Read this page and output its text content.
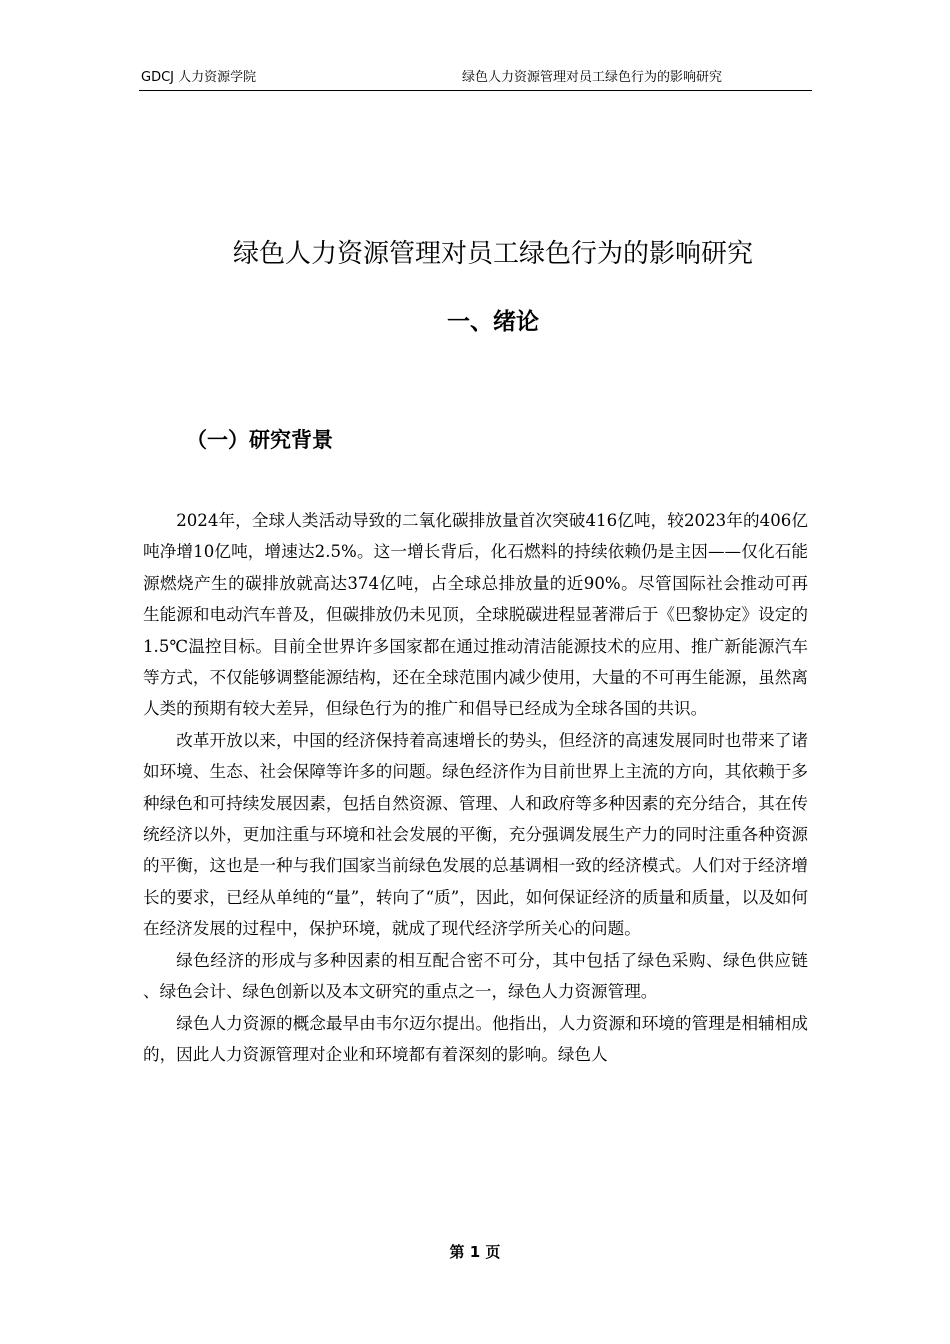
GDCJ 人力资源学院	绿色人力资源管理对员工绿色行为的影响研究
绿色人力资源管理对员工绿色行为的影响研究
一、绪论
（一）研究背景

2024年，全球人类活动导致的二氧化碳排放量首次突破416亿吨，较2023年的406亿吨净增10亿吨，增速达2.5%。这一增长背后，化石燃料的持续依赖仍是主因——仅化石能源燃烧产生的碳排放就高达374亿吨，占全球总排放量的近90%。尽管国际社会推动可再生能源和电动汽车普及，但碳排放仍未见顶，全球脱碳进程显著滞后于《巴黎协定》设定的1.5℃温控目标。目前全世界许多国家都在通过推动清洁能源技术的应用、推广新能源汽车等方式，不仅能够调整能源结构，还在全球范围内减少使用，大量的不可再生能源，虽然离人类的预期有较大差异，但绿色行为的推广和倡导已经成为全球各国的共识。

改革开放以来，中国的经济保持着高速增长的势头，但经济的高速发展同时也带来了诸如环境、生态、社会保障等许多的问题。绿色经济作为目前世界上主流的方向，其依赖于多种绿色和可持续发展因素，包括自然资源、管理、人和政府等多种因素的充分结合，其在传统经济以外，更加注重与环境和社会发展的平衡，充分强调发展生产力的同时注重各种资源的平衡，这也是一种与我们国家当前绿色发展的总基调相一致的经济模式。人们对于经济增长的要求，已经从单纯的“量”，转向了“质”，因此，如何保证经济的质量和质量，以及如何在经济发展的过程中，保护环境，就成了现代经济学所关心的问题。

绿色经济的形成与多种因素的相互配合密不可分，其中包括了绿色采购、绿色供应链 、绿色会计、绿色创新以及本文研究的重点之一，绿色人力资源管理。

绿色人力资源的概念最早由韦尔迈尔提出。他指出，人力资源和环境的管理是相辅相成的，因此人力资源管理对企业和环境都有着深刻的影响。绿色人

第 1 页
